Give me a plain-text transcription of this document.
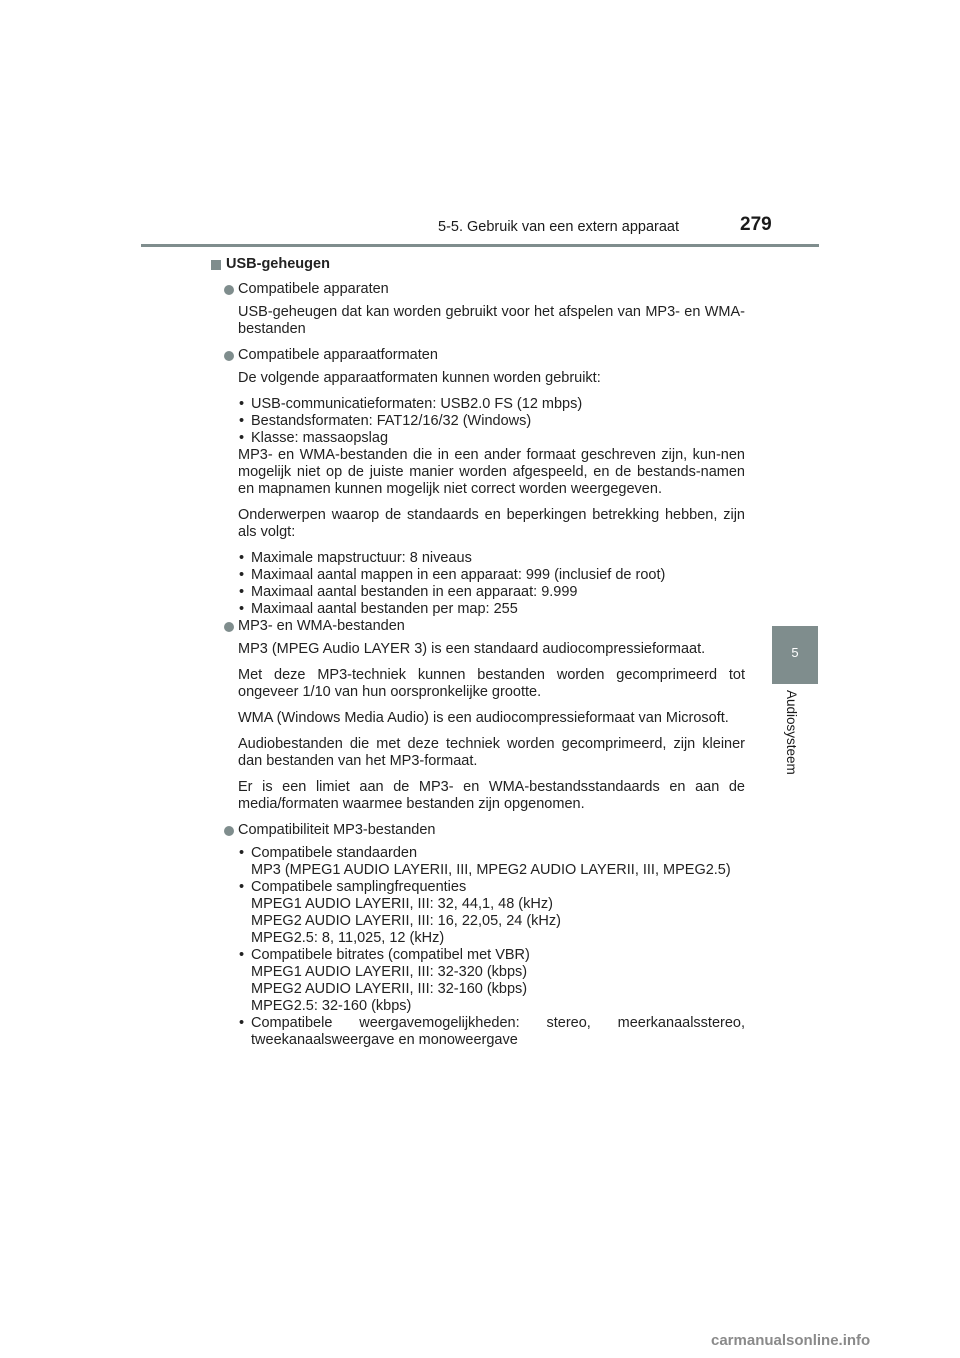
5-5. Gebruik van een extern apparaat	279
5
Audiosysteem
USB-geheugen
Compatibele apparaten
USB-geheugen dat kan worden gebruikt voor het afspelen van MP3- en WMA-bestanden
Compatibele apparaatformaten
De volgende apparaatformaten kunnen worden gebruikt:
• USB-communicatieformaten: USB2.0 FS (12 mbps)
• Bestandsformaten: FAT12/16/32 (Windows)
• Klasse: massaopslag
MP3- en WMA-bestanden die in een ander formaat geschreven zijn, kun-nen mogelijk niet op de juiste manier worden afgespeeld, en de bestands-namen en mapnamen kunnen mogelijk niet correct worden weergegeven.
Onderwerpen waarop de standaards en beperkingen betrekking hebben, zijn als volgt:
• Maximale mapstructuur: 8 niveaus
• Maximaal aantal mappen in een apparaat: 999 (inclusief de root)
• Maximaal aantal bestanden in een apparaat: 9.999
• Maximaal aantal bestanden per map: 255
MP3- en WMA-bestanden
MP3 (MPEG Audio LAYER 3) is een standaard audiocompressieformaat.
Met deze MP3-techniek kunnen bestanden worden gecomprimeerd tot ongeveer 1/10 van hun oorspronkelijke grootte.
WMA (Windows Media Audio) is een audiocompressieformaat van Microsoft.
Audiobestanden die met deze techniek worden gecomprimeerd, zijn kleiner dan bestanden van het MP3-formaat.
Er is een limiet aan de MP3- en WMA-bestandsstandaards en aan de media/formaten waarmee bestanden zijn opgenomen.
Compatibiliteit MP3-bestanden
• Compatibele standaarden
MP3 (MPEG1 AUDIO LAYERII, III, MPEG2 AUDIO LAYERII, III, MPEG2.5)
• Compatibele samplingfrequenties
MPEG1 AUDIO LAYERII, III: 32, 44,1, 48 (kHz)
MPEG2 AUDIO LAYERII, III: 16, 22,05, 24 (kHz)
MPEG2.5: 8, 11,025, 12 (kHz)
• Compatibele bitrates (compatibel met VBR)
MPEG1 AUDIO LAYERII, III: 32-320 (kbps)
MPEG2 AUDIO LAYERII, III: 32-160 (kbps)
MPEG2.5: 32-160 (kbps)
• Compatibele weergavemogelijkheden: stereo, meerkanaalsstereo,
tweekanaalsweergave en monoweergave
carmanualsonline.info
